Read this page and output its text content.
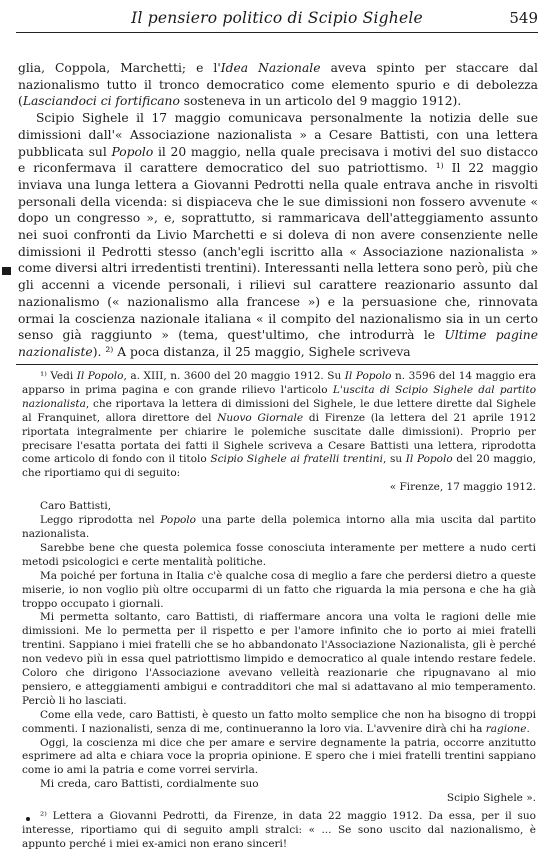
Il pensiero politico di Scipio Sighele	549

glia, Coppola, Marchetti; e l'Idea Nazionale aveva spinto per staccare dal nazionalismo tutto il tronco democratico come elemento spurio e di debolezza (Lasciandoci ci fortificano sosteneva in un articolo del 9 maggio 1912).

Scipio Sighele il 17 maggio comunicava personalmente la notizia delle sue dimissioni dall'« Associazione nazionalista » a Cesare Battisti, con una lettera pubblicata sul Popolo il 20 maggio, nella quale precisava i motivi del suo distacco e riconfermava il carattere democratico del suo patriottismo. ¹⁾ Il 22 maggio inviava una lunga lettera a Giovanni Pedrotti nella quale entrava anche in risvolti personali della vicenda: si dispiaceva che le sue dimissioni non fossero avvenute « dopo un congresso », e, soprattutto, si rammaricava dell'atteggiamento assunto nei suoi confronti da Livio Marchetti e si doleva di non avere consenziente nelle dimissioni il Pedrotti stesso (anch'egli iscritto alla « Associazione nazionalista » come diversi altri irredentisti trentini). Interessanti nella lettera sono però, più che gli accenni a vicende personali, i rilievi sul carattere reazionario assunto dal nazionalismo (« nazionalismo alla francese ») e la persuasione che, rinnovata ormai la coscienza nazionale italiana « il compito del nazionalismo sia in un certo senso già raggiunto » (tema, quest'ultimo, che introdurrà le Ultime pagine nazionaliste). ²⁾ A poca distanza, il 25 maggio, Sighele scriveva

¹⁾ Vedi Il Popolo, a. XIII, n. 3600 del 20 maggio 1912. Su Il Popolo n. 3596 del 14 maggio era apparso in prima pagina e con grande rilievo l'articolo L'uscita di Scipio Sighele dal partito nazionalista, che riportava la lettera di dimissioni del Sighele, le due lettere dirette dal Sighele al Franquinet, allora direttore del Nuovo Giornale di Firenze (la lettera del 21 aprile 1912 riportata integralmente per chiarire le polemiche suscitate dalle dimissioni). Proprio per precisare l'esatta portata dei fatti il Sighele scriveva a Cesare Battisti una lettera, riprodotta come articolo di fondo con il titolo Scipio Sighele ai fratelli trentini, su Il Popolo del 20 maggio, che riportiamo qui di seguito:

« Firenze, 17 maggio 1912.

Caro Battisti,

Leggo riprodotta nel Popolo una parte della polemica intorno alla mia uscita dal partito nazionalista.

Sarebbe bene che questa polemica fosse conosciuta interamente per mettere a nudo certi metodi psicologici e certe mentalità politiche.

Ma poiché per fortuna in Italia c'è qualche cosa di meglio a fare che perdersi dietro a queste miserie, io non voglio più oltre occuparmi di un fatto che riguarda la mia persona e che ha già troppo occupato i giornali.

Mi permetta soltanto, caro Battisti, di riaffermare ancora una volta le ragioni delle mie dimissioni. Me lo permetta per il rispetto e per l'amore infinito che io porto ai miei fratelli trentini. Sappiano i miei fratelli che se ho abbandonato l'Associazione Nazionalista, gli è perché non vedevo più in essa quel patriottismo limpido e democratico al quale intendo restare fedele. Coloro che dirigono l'Associazione avevano velleità reazionarie che ripugnavano al mio pensiero, e atteggiamenti ambigui e contradditori che mal si adattavano al mio temperamento. Perciò li ho lasciati.

Come ella vede, caro Battisti, è questo un fatto molto semplice che non ha bisogno di troppi commenti. I nazionalisti, senza di me, continueranno la loro via. L'avvenire dirà chi ha ragione.

Oggi, la coscienza mi dice che per amare e servire degnamente la patria, occorre anzitutto esprimere ad alta e chiara voce la propria opinione. E spero che i miei fratelli trentini sappiano come io ami la patria e come vorrei servirla.

Mi creda, caro Battisti, cordialmente suo

Scipio Sighele ».

²⁾ Lettera a Giovanni Pedrotti, da Firenze, in data 22 maggio 1912. Da essa, per il suo interesse, riportiamo qui di seguito ampli stralci: « ... Se sono uscito dal nazionalismo, è appunto perché i miei ex-amici non erano sinceri!
